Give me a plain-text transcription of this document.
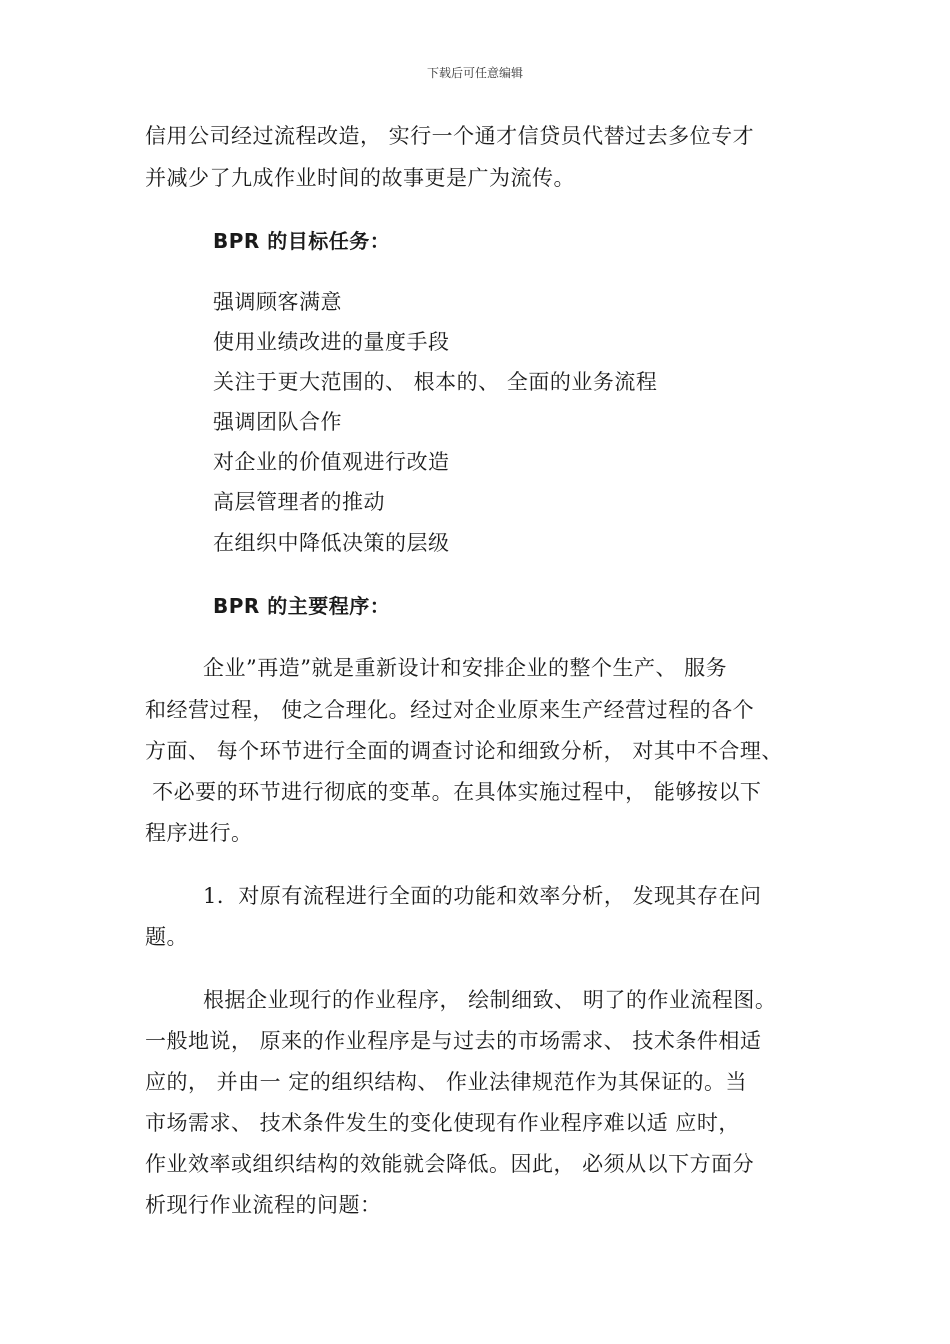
下载后可任意编辑
信用公司经过流程改造， 实行一个通才信贷员代替过去多位专才
并减少了九成作业时间的故事更是广为流传。
BPR 的目标任务：
强调顾客满意
使用业绩改进的量度手段
关注于更大范围的、 根本的、 全面的业务流程
强调团队合作
对企业的价值观进行改造
高层管理者的推动
在组织中降低决策的层级
BPR 的主要程序：
企业”再造”就是重新设计和安排企业的整个生产、 服务
和经营过程， 使之合理化。经过对企业原来生产经营过程的各个
方面、 每个环节进行全面的调查讨论和细致分析， 对其中不合理、
不必要的环节进行彻底的变革。在具体实施过程中， 能够按以下
程序进行。
1．对原有流程进行全面的功能和效率分析， 发现其存在问
题。
根据企业现行的作业程序， 绘制细致、 明了的作业流程图。
一般地说， 原来的作业程序是与过去的市场需求、 技术条件相适
应的， 并由一 定的组织结构、 作业法律规范作为其保证的。当
市场需求、 技术条件发生的变化使现有作业程序难以适 应时，
作业效率或组织结构的效能就会降低。因此， 必须从以下方面分
析现行作业流程的问题：
